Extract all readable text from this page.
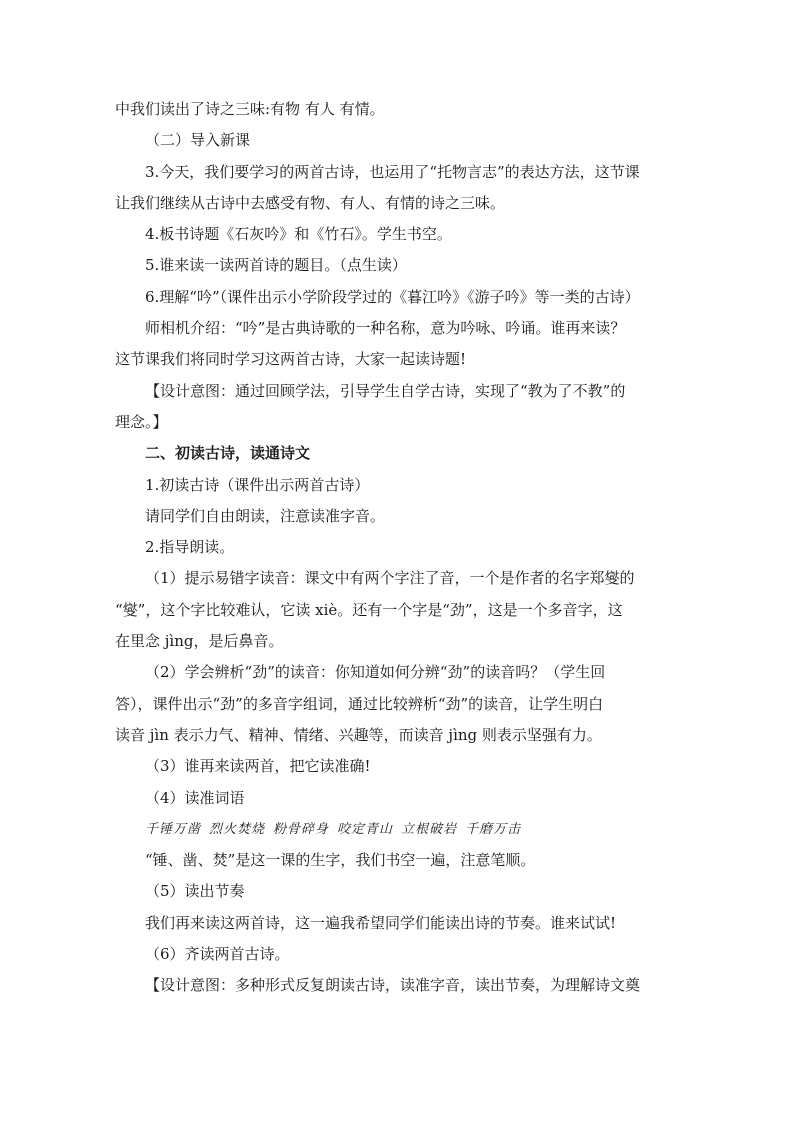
中我们读出了诗之三味:有物 有人 有情。
（二）导入新课
3.今天，我们要学习的两首古诗，也运用了“托物言志”的表达方法，这节课
让我们继续从古诗中去感受有物、有人、有情的诗之三味。
4.板书诗题《石灰吟》和《竹石》。学生书空。
5.谁来读一读两首诗的题目。（点生读）
6.理解“吟”（课件出示小学阶段学过的《暮江吟》《游子吟》等一类的古诗）
师相机介绍：“吟”是古典诗歌的一种名称，意为吟咏、吟诵。谁再来读？
这节课我们将同时学习这两首古诗，大家一起读诗题!
【设计意图：通过回顾学法，引导学生自学古诗，实现了“教为了不教”的
理念。】
二、初读古诗，读通诗文
1.初读古诗（课件出示两首古诗）
请同学们自由朗读，注意读准字音。
2.指导朗读。
（1）提示易错字读音：课文中有两个字注了音，一个是作者的名字郑燮的
“燮”，这个字比较难认，它读 xiè。还有一个字是“劲”，这是一个多音字，这
在里念 jìng，是后鼻音。
（2）学会辨析“劲”的读音：你知道如何分辨“劲”的读音吗？（学生回
答），课件出示“劲”的多音字组词，通过比较辨析“劲”的读音，让学生明白
读音 jìn 表示力气、精神、情绪、兴趣等，而读音 jìng 则表示坚强有力。
（3）谁再来读两首，把它读准确!
（4）读准词语
千锤万凿 烈火焚烧 粉骨碎身 咬定青山 立根破岩 千磨万击
“锤、凿、焚”是这一课的生字，我们书空一遍，注意笔顺。
（5）读出节奏
我们再来读这两首诗，这一遍我希望同学们能读出诗的节奏。谁来试试!
（6）齐读两首古诗。
【设计意图：多种形式反复朗读古诗，读准字音，读出节奏，为理解诗文奠
